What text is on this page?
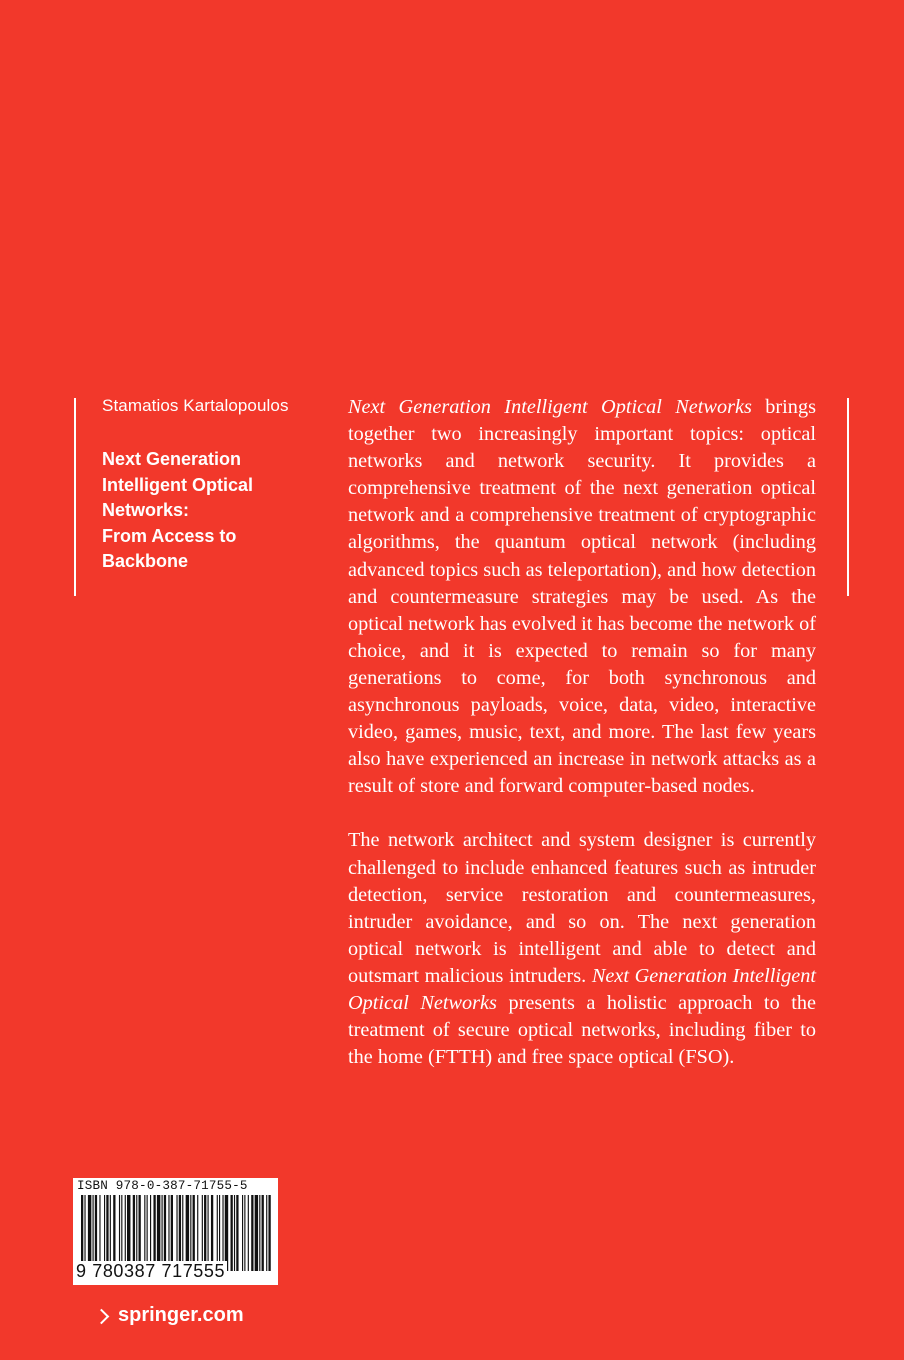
Stamatios Kartalopoulos
Next Generation
Intelligent Optical
Networks:
From Access to
Backbone

Next Generation Intelligent Optical Networks brings together two increasingly important topics: optical networks and network security. It provides a comprehensive treatment of the next generation optical network and a comprehensive treatment of cryptographic algorithms, the quantum optical network (including advanced topics such as teleportation), and how detection and countermeasure strategies may be used. As the optical network has evolved it has become the network of choice, and it is expected to remain so for many generations to come, for both synchronous and asynchronous payloads, voice, data, video, interactive video, games, music, text, and more. The last few years also have experienced an increase in network attacks as a result of store and forward computer-based nodes.

The network architect and system designer is currently challenged to include enhanced features such as intruder detection, service restoration and countermeasures, intruder avoidance, and so on. The next generation optical network is intelligent and able to detect and outsmart malicious intruders. Next Generation Intelligent Optical Networks presents a holistic approach to the treatment of secure optical networks, including fiber to the home (FTTH) and free space optical (FSO).

ISBN 978-0-387-71755-5
9 780387 717555
springer.com
